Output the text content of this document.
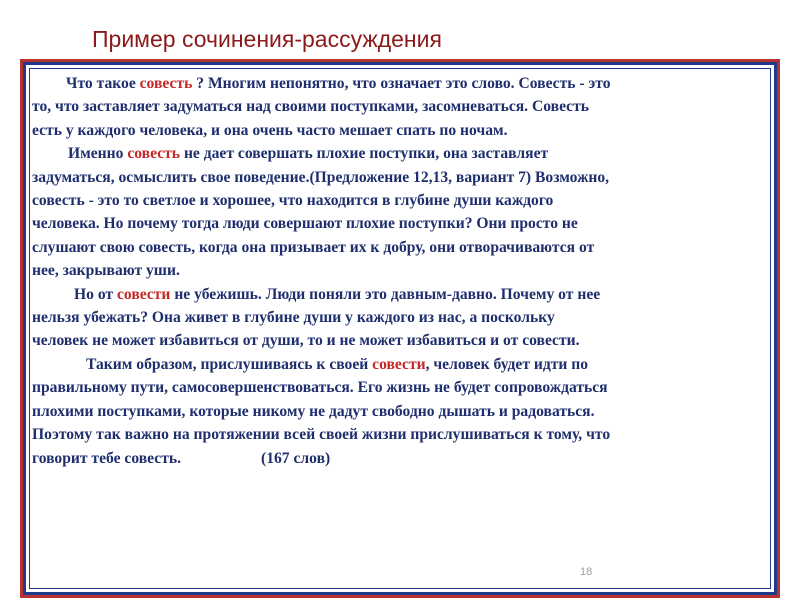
Пример сочинения-рассуждения

Что такое совесть ? Многим непонятно, что означает это слово. Совесть - это

то, что заставляет задуматься над своими поступками, засомневаться. Совесть

есть у каждого человека, и она очень часто мешает спать по ночам.

Именно совесть не дает совершать плохие поступки, она заставляет

задуматься, осмыслить свое поведение.(Предложение 12,13, вариант 7) Возможно,

совесть - это то светлое и хорошее, что находится в глубине души каждого

человека. Но почему тогда люди совершают плохие поступки? Они просто не

слушают свою совесть, когда она призывает их к добру, они отворачиваются от

нее, закрывают уши.

Но от совести не убежишь. Люди поняли это давным-давно. Почему от нее

нельзя убежать? Она живет в глубине души у каждого из нас, а поскольку

человек не может избавиться от души, то и не может избавиться и от совести.

Таким образом, прислушиваясь к своей совести, человек будет идти по

правильному пути, самосовершенствоваться. Его жизнь не будет сопровождаться

плохими поступками, которые никому не дадут свободно дышать и радоваться.

Поэтому так важно на протяжении всей своей жизни прислушиваться к тому, что

говорит тебе совесть.	(167 слов)

18
